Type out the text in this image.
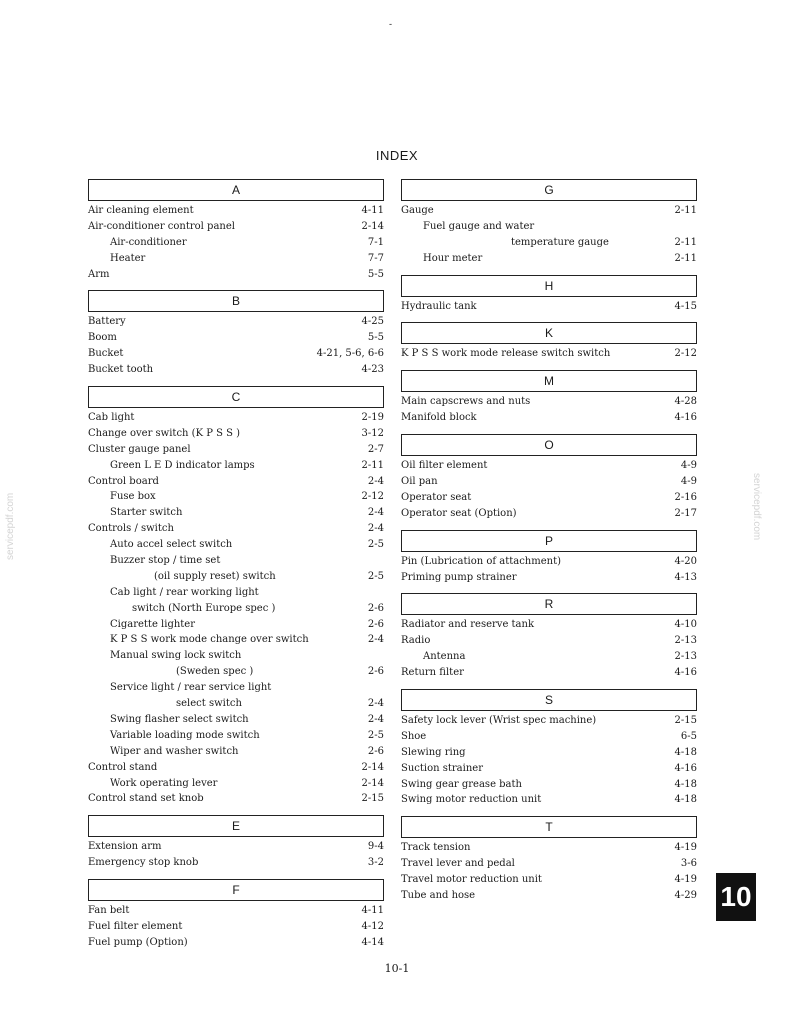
-
INDEX
A
Air cleaning element	4-11
Air-conditioner control panel	2-14
Air-conditioner	7-1
Heater	7-7
Arm	5-5
B
Battery	4-25
Boom	5-5
Bucket	4-21, 5-6, 6-6
Bucket tooth	4-23
C
Cab light	2-19
Change over switch (K P S S )	3-12
Cluster gauge panel	2-7
Green L E D indicator lamps	2-11
Control board	2-4
Fuse box	2-12
Starter switch	2-4
Controls / switch	2-4
Auto accel select switch	2-5
Buzzer stop / time set
(oil supply reset) switch	2-5
Cab light / rear working light
switch (North Europe spec )	2-6
Cigarette lighter	2-6
K P S S work mode change over switch	2-4
Manual swing lock switch
(Sweden spec )	2-6
Service light / rear service light
select switch	2-4
Swing flasher select switch	2-4
Variable loading mode switch	2-5
Wiper and washer switch	2-6
Control stand	2-14
Work operating lever	2-14
Control stand set knob	2-15
E
Extension arm	9-4
Emergency stop knob	3-2
F
Fan belt	4-11
Fuel filter element	4-12
Fuel pump (Option)	4-14
G
Gauge	2-11
Fuel gauge and water
temperature gauge	2-11
Hour meter	2-11
H
Hydraulic tank	4-15
K
K P S S work mode release switch switch	2-12
M
Main capscrews and nuts	4-28
Manifold block	4-16
O
Oil filter element	4-9
Oil pan	4-9
Operator seat	2-16
Operator seat (Option)	2-17
P
Pin (Lubrication of attachment)	4-20
Priming pump strainer	4-13
R
Radiator and reserve tank	4-10
Radio	2-13
Antenna	2-13
Return filter	4-16
S
Safety lock lever (Wrist spec machine)	2-15
Shoe	6-5
Slewing ring	4-18
Suction strainer	4-16
Swing gear grease bath	4-18
Swing motor reduction unit	4-18
T
Track tension	4-19
Travel lever and pedal	3-6
Travel motor reduction unit	4-19
Tube and hose	4-29
servicepdf.com	servicepdf.com
10
10-1
